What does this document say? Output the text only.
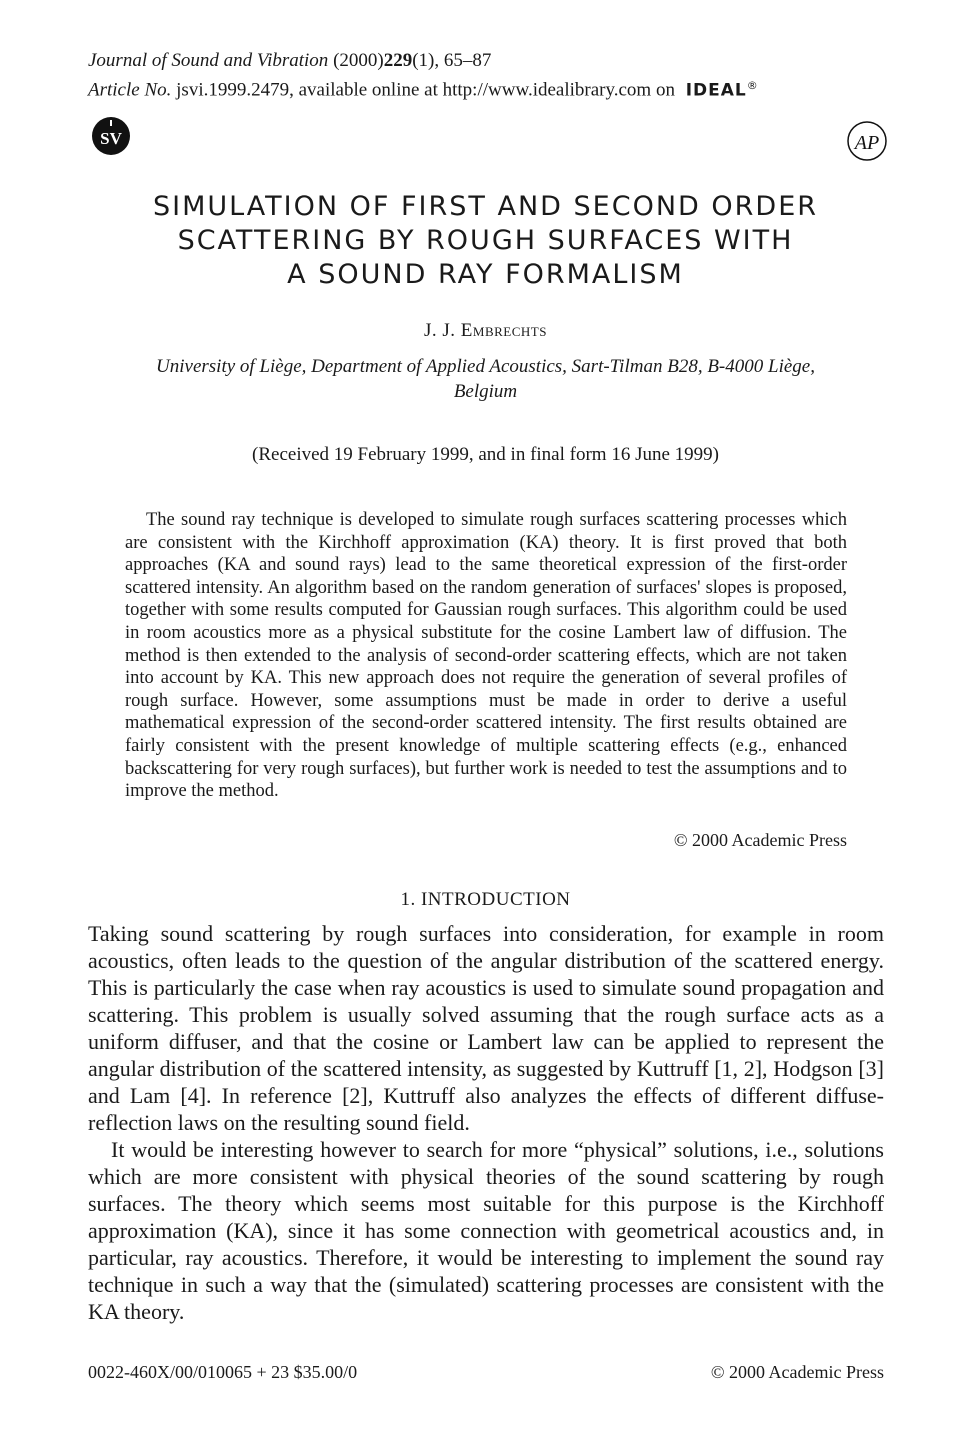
Journal of Sound and Vibration (2000)229(1), 65–87
Article No. jsvi.1999.2479, available online at http://www.idealibrary.com on IDEAL®
SV	AP
SIMULATION OF FIRST AND SECOND ORDER
SCATTERING BY ROUGH SURFACES WITH
A SOUND RAY FORMALISM
J. J. Embrechts
University of Liège, Department of Applied Acoustics, Sart-Tilman B28, B-4000 Liège,
Belgium
(Received 19 February 1999, and in final form 16 June 1999)

The sound ray technique is developed to simulate rough surfaces scattering processes which are consistent with the Kirchhoff approximation (KA) theory. It is first proved that both approaches (KA and sound rays) lead to the same theoretical expression of the first-order scattered intensity. An algorithm based on the random generation of surfaces' slopes is proposed, together with some results computed for Gaussian rough surfaces. This algorithm could be used in room acoustics more as a physical substitute for the cosine Lambert law of diffusion. The method is then extended to the analysis of second-order scattering effects, which are not taken into account by KA. This new approach does not require the generation of several profiles of rough surface. However, some assumptions must be made in order to derive a useful mathematical expression of the second-order scattered intensity. The first results obtained are fairly consistent with the present knowledge of multiple scattering effects (e.g., enhanced backscattering for very rough surfaces), but further work is needed to test the assumptions and to improve the method.

© 2000 Academic Press
1. INTRODUCTION

Taking sound scattering by rough surfaces into consideration, for example in room acoustics, often leads to the question of the angular distribution of the scattered energy. This is particularly the case when ray acoustics is used to simulate sound propagation and scattering. This problem is usually solved assuming that the rough surface acts as a uniform diffuser, and that the cosine or Lambert law can be applied to represent the angular distribution of the scattered intensity, as suggested by Kuttruff [1, 2], Hodgson [3] and Lam [4]. In reference [2], Kuttruff also analyzes the effects of different diffuse-reflection laws on the resulting sound field.

It would be interesting however to search for more “physical” solutions, i.e., solutions which are more consistent with physical theories of the sound scattering by rough surfaces. The theory which seems most suitable for this purpose is the Kirchhoff approximation (KA), since it has some connection with geometrical acoustics and, in particular, ray acoustics. Therefore, it would be interesting to implement the sound ray technique in such a way that the (simulated) scattering processes are consistent with the KA theory.

0022-460X/00/010065 + 23 $35.00/0	© 2000 Academic Press
